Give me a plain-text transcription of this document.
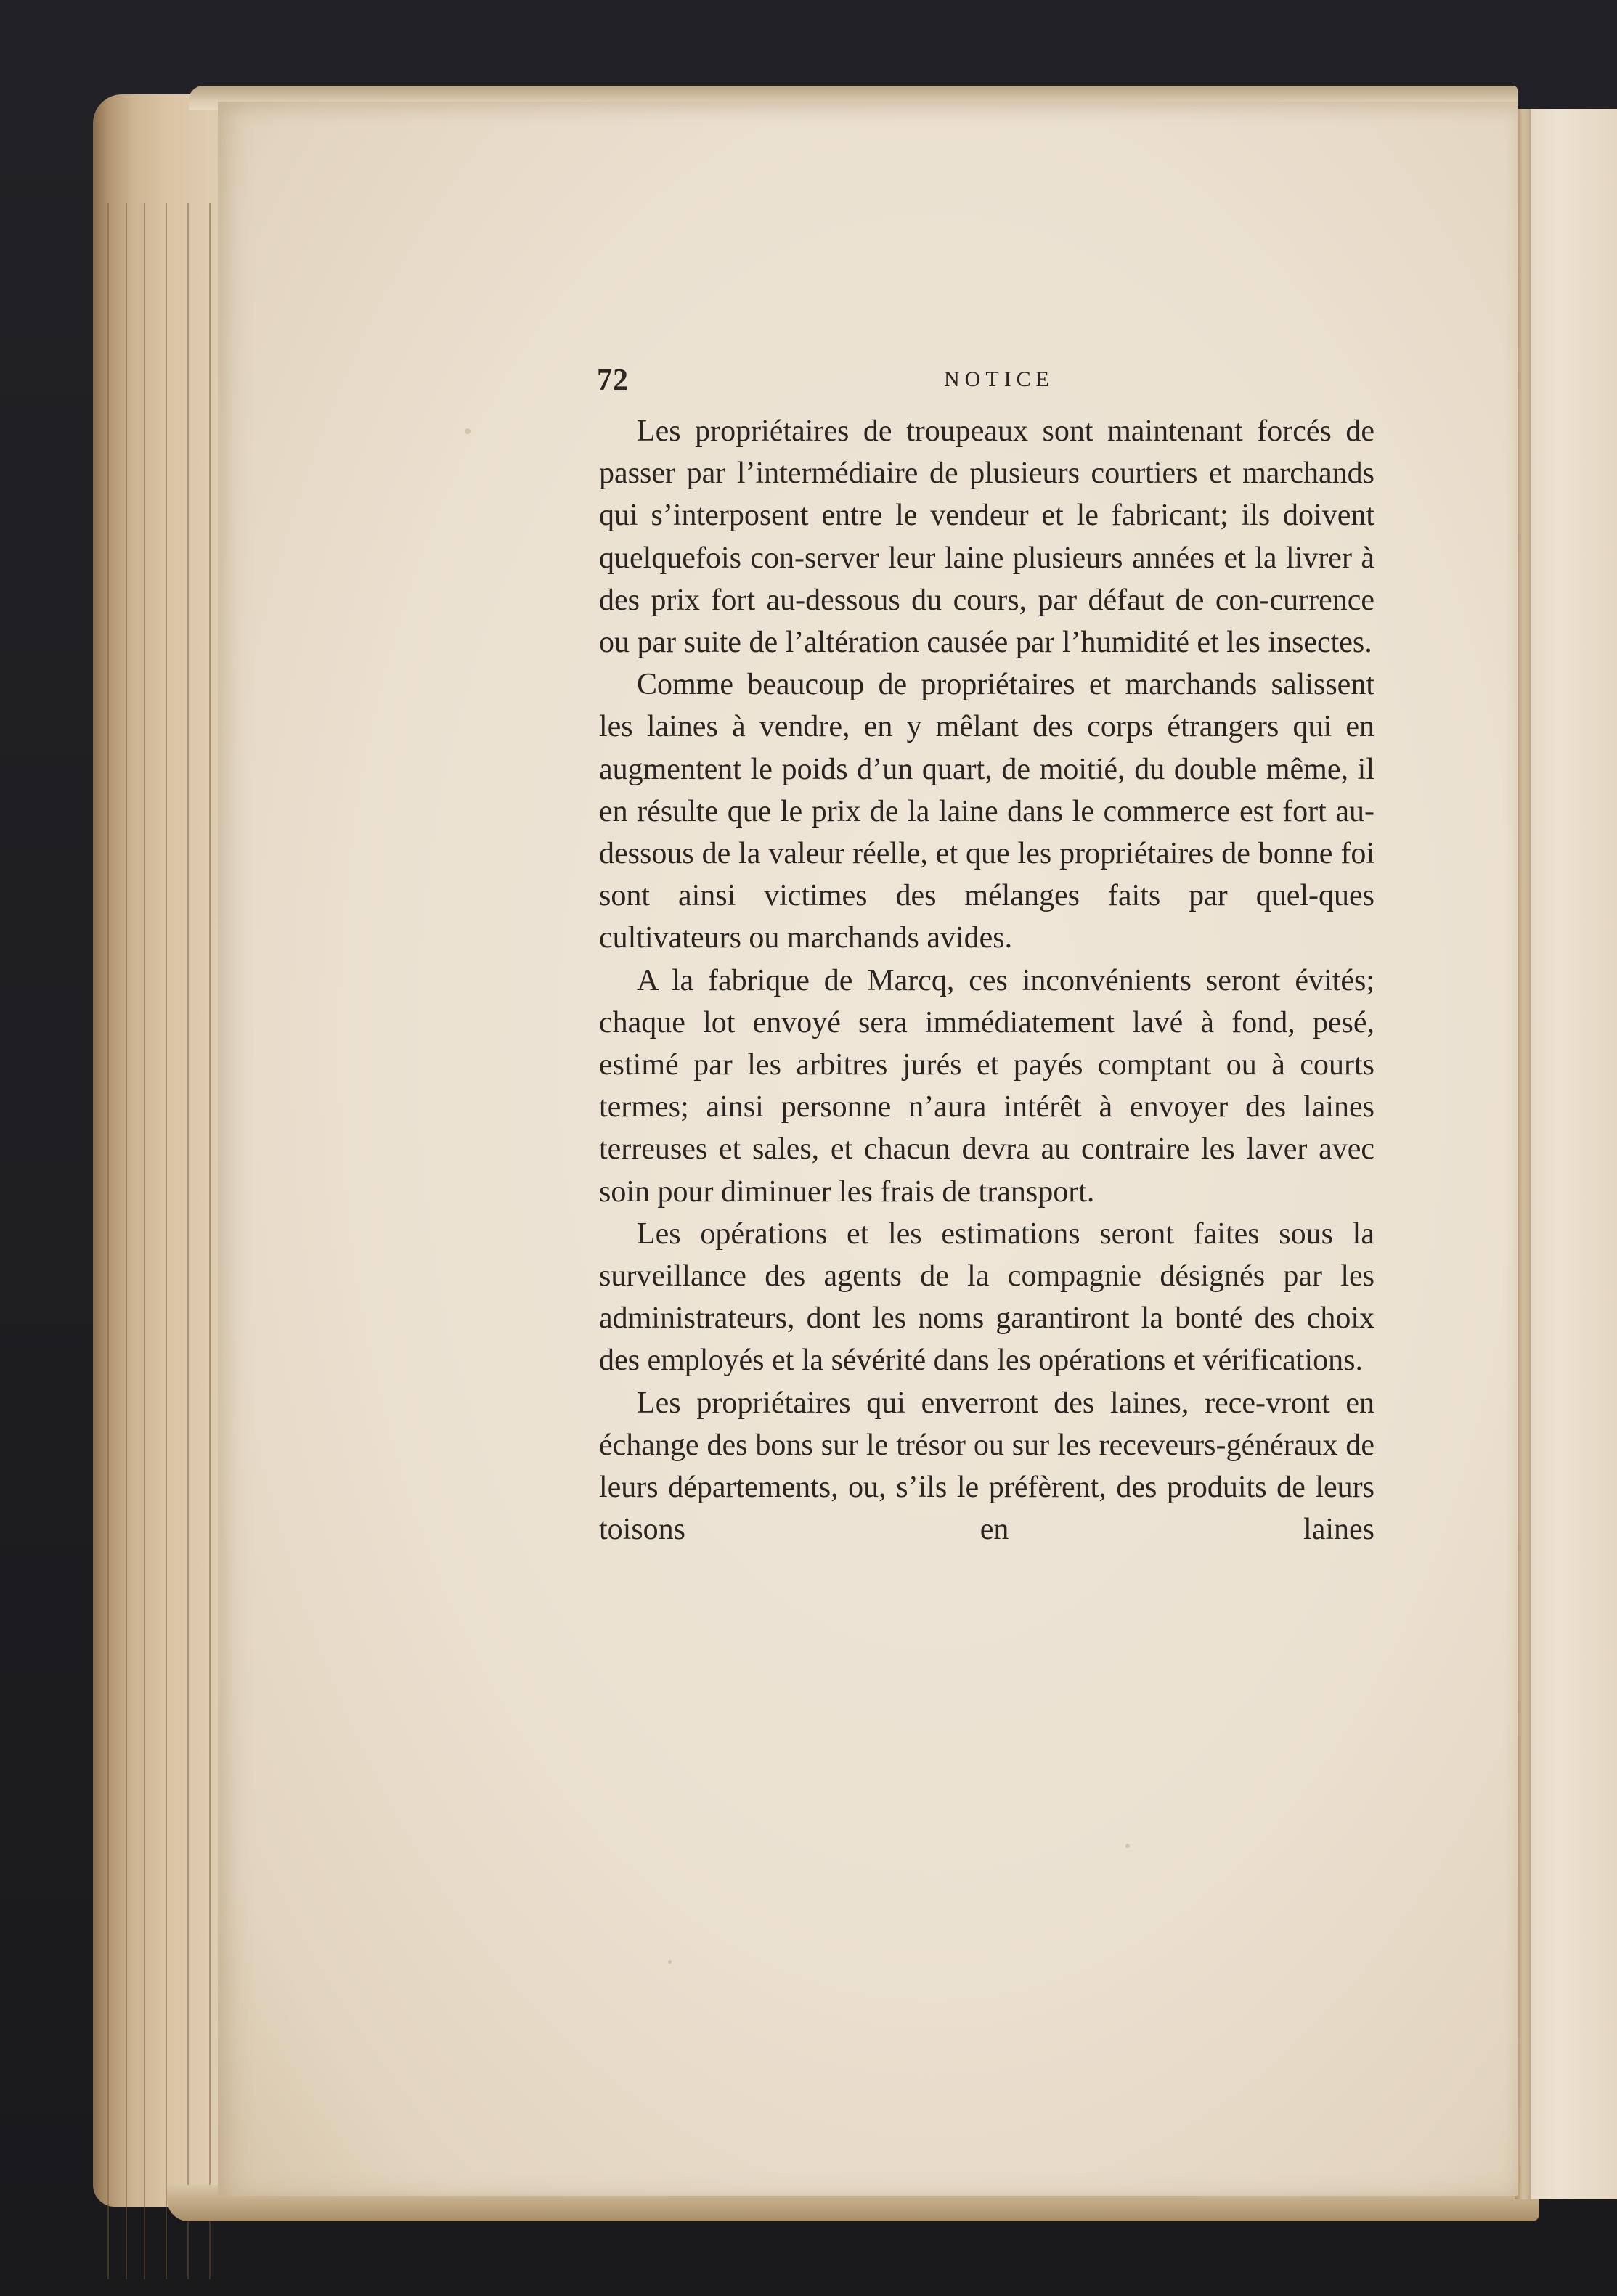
72	NOTICE

Les propriétaires de troupeaux sont maintenant forcés de passer par l’intermédiaire de plusieurs courtiers et marchands qui s’interposent entre le vendeur et le fabricant; ils doivent quelquefois con-server leur laine plusieurs années et la livrer à des prix fort au-dessous du cours, par défaut de con-currence ou par suite de l’altération causée par l’humidité et les insectes.

Comme beaucoup de propriétaires et marchands salissent les laines à vendre, en y mêlant des corps étrangers qui en augmentent le poids d’un quart, de moitié, du double même, il en résulte que le prix de la laine dans le commerce est fort au-dessous de la valeur réelle, et que les propriétaires de bonne foi sont ainsi victimes des mélanges faits par quel-ques cultivateurs ou marchands avides.

A la fabrique de Marcq, ces inconvénients seront évités; chaque lot envoyé sera immédiatement lavé à fond, pesé, estimé par les arbitres jurés et payés comptant ou à courts termes; ainsi personne n’aura intérêt à envoyer des laines terreuses et sales, et chacun devra au contraire les laver avec soin pour diminuer les frais de transport.

Les opérations et les estimations seront faites sous la surveillance des agents de la compagnie désignés par les administrateurs, dont les noms garantiront la bonté des choix des employés et la sévérité dans les opérations et vérifications.

Les propriétaires qui enverront des laines, rece-vront en échange des bons sur le trésor ou sur les receveurs-généraux de leurs départements, ou, s’ils le préfèrent, des produits de leurs toisons en laines
